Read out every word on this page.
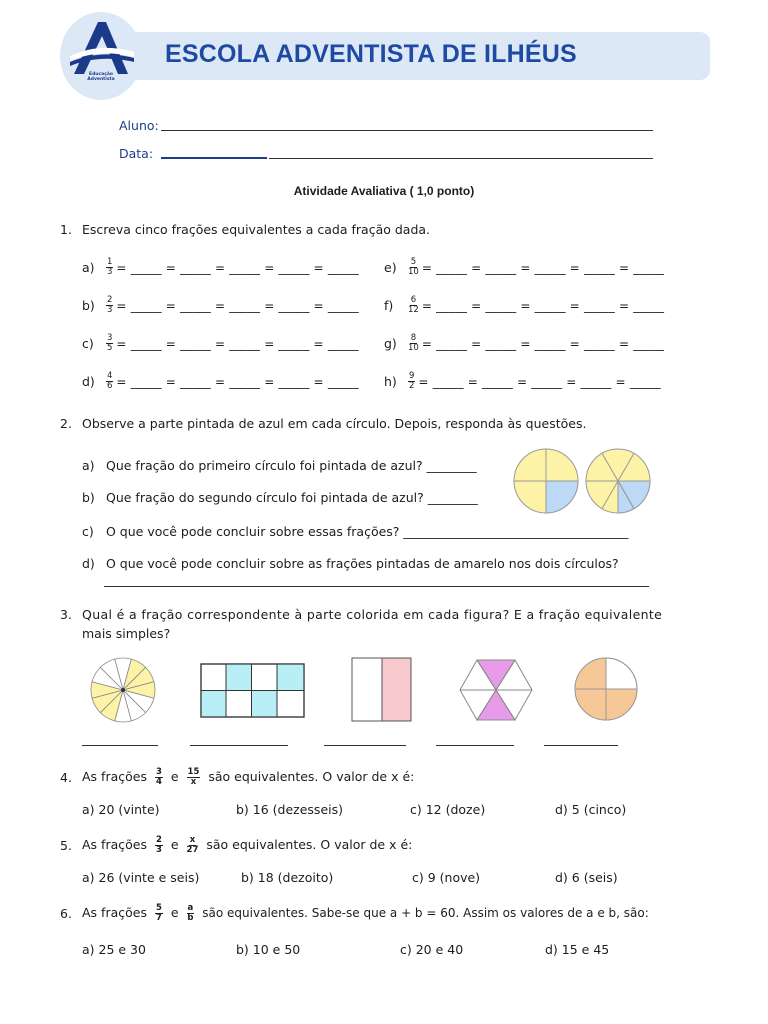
Educação
Adventista
ESCOLA ADVENTISTA DE ILHÉUS
Aluno:
Data:
Atividade Avaliativa ( 1,0 ponto)
1. Escreva cinco frações equivalentes a cada fração dada.
a)	$\frac{1}{3}$ = _____ = _____ = _____ = _____ = _____
b)	$\frac{2}{3}$ = _____ = _____ = _____ = _____ = _____
c)	$\frac{3}{5}$ = _____ = _____ = _____ = _____ = _____
d)	$\frac{4}{6}$ = _____ = _____ = _____ = _____ = _____
e)	$\frac{5}{10}$ = _____ = _____ = _____ = _____ = _____
f)	$\frac{6}{12}$ = _____ = _____ = _____ = _____ = _____
g)	$\frac{8}{10}$ = _____ = _____ = _____ = _____ = _____
h)	$\frac{9}{2}$ = _____ = _____ = _____ = _____ = _____
2. Observe a parte pintada de azul em cada círculo. Depois, responda às questões.
a) Que fração do primeiro círculo foi pintada de azul? ________
b) Que fração do segundo círculo foi pintada de azul? ________
c) O que você pode concluir sobre essas frações? ____________________________________
d) O que você pode concluir sobre as frações pintadas de amarelo nos dois círculos?
3. Qual é a fração correspondente à parte colorida em cada figura? E a fração equivalente
mais simples?
4. As frações $\frac{3}{4}$ e $\frac{15}{x}$ são equivalentes. O valor de x é:
a) 20 (vinte)	b) 16 (dezesseis)	c) 12 (doze)	d) 5 (cinco)
5. As frações $\frac{2}{3}$ e $\frac{x}{27}$ são equivalentes. O valor de x é:
a) 26 (vinte e seis)	b) 18 (dezoito)	c) 9 (nove)	d) 6 (seis)
6. As frações $\frac{5}{7}$ e $\frac{a}{b}$ são equivalentes. Sabe-se que a + b = 60. Assim os valores de a e b, são:
a) 25 e 30	b) 10 e 50	c) 20 e 40	d) 15 e 45
